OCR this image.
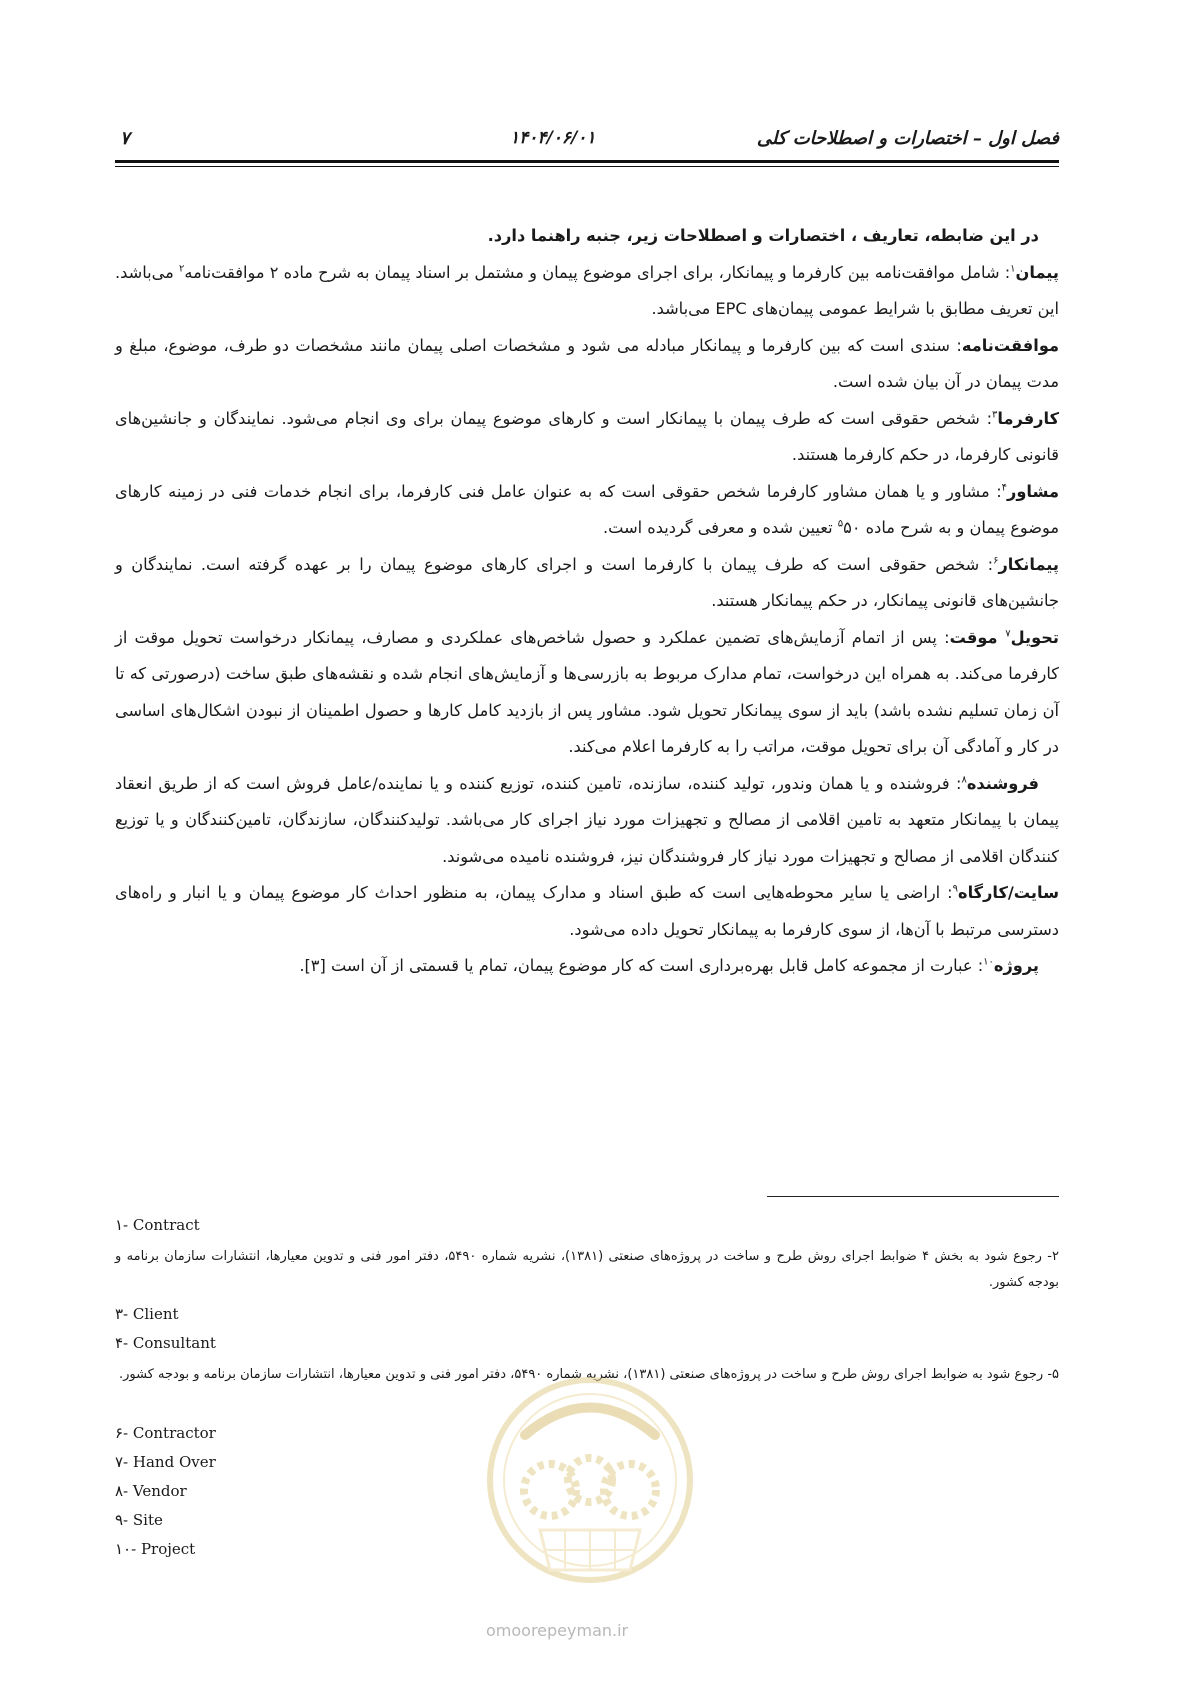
فصل اول – اختصارات و اصطلاحات کلی
۱۴۰۴/۰۶/۰۱
۷

در این ضابطه، تعاریف ، اختصارات و اصطلاحات زیر، جنبه راهنما دارد.

پیمان$^۱$: شامل موافقت‌نامه بین کارفرما و پیمانکار، برای اجرای موضوع پیمان و مشتمل بر اسناد پیمان به شرح ماده ۲ موافقت‌نامه$^۲$ می‌باشد. این تعریف مطابق با شرایط عمومی پیمان‌های EPC می‌باشد.

موافقت‌نامه: سندی است که بین کارفرما و پیمانکار مبادله می شود و مشخصات اصلی پیمان مانند مشخصات دو طرف، موضوع، مبلغ و مدت پیمان در آن بیان شده است.

کارفرما$^۳$: شخص حقوقی است که طرف پیمان با پیمانکار است و کارهای موضوع پیمان برای وی انجام می‌شود. نمایندگان و جانشین‌های قانونی کارفرما، در حکم کارفرما هستند.

مشاور$^۴$: مشاور و یا همان مشاور کارفرما شخص حقوقی است که به عنوان عامل فنی کارفرما، برای انجام خدمات فنی در زمینه کارهای موضوع پیمان و به شرح ماده $^۵$۵۰ تعیین شده و معرفی گردیده است.

پیمانکار$^۶$: شخص حقوقی است که طرف پیمان با کارفرما است و اجرای کارهای موضوع پیمان را بر عهده گرفته است. نمایندگان و جانشین‌های قانونی پیمانکار، در حکم پیمانکار هستند.

تحویل$^۷$ موقت: پس از اتمام آزمایش‌های تضمین عملکرد و حصول شاخص‌های عملکردی و مصارف، پیمانکار درخواست تحویل موقت از کارفرما می‌کند. به همراه این درخواست، تمام مدارک مربوط به بازرسی‌ها و آزمایش‌های انجام شده و نقشه‌های طبق ساخت (درصورتی که تا آن زمان تسلیم نشده باشد) باید از سوی پیمانکار تحویل شود. مشاور پس از بازدید کامل کارها و حصول اطمینان از نبودن اشکال‌های اساسی در کار و آمادگی آن برای تحویل موقت، مراتب را به کارفرما اعلام می‌کند.

فروشنده$^۸$: فروشنده و یا همان وندور، تولید کننده، سازنده، تامین کننده، توزیع کننده و یا نماینده/عامل فروش است که از طریق انعقاد پیمان با پیمانکار متعهد به تامین اقلامی از مصالح و تجهیزات مورد نیاز اجرای کار می‌باشد. تولیدکنندگان، سازندگان، تامین‌کنندگان و یا توزیع کنندگان اقلامی از مصالح و تجهیزات مورد نیاز کار فروشندگان نیز، فروشنده نامیده می‌شوند.

سایت/کارگاه$^۹$: اراضی یا سایر محوطه‌هایی است که طبق اسناد و مدارک پیمان، به منظور احداث کار موضوع پیمان و یا انبار و راه‌های دسترسی مرتبط با آن‌ها، از سوی کارفرما به پیمانکار تحویل داده می‌شود.

پروژه$^{۱۰}$: عبارت از مجموعه کامل قابل بهره‌برداری است که کار موضوع پیمان، تمام یا قسمتی از آن است [۳].

۱- Contract
۲- رجوع شود به بخش ۴ ضوابط اجرای روش طرح و ساخت در پروژه‌های صنعتی (۱۳۸۱)، نشریه شماره ۵۴۹۰، دفتر امور فنی و تدوین معیارها، انتشارات سازمان برنامه و بودجه کشور.
۳- Client
۴- Consultant
۵- رجوع شود به ضوابط اجرای روش طرح و ساخت در پروژه‌های صنعتی (۱۳۸۱)، نشریه شماره ۵۴۹۰، دفتر امور فنی و تدوین معیارها، انتشارات سازمان برنامه و بودجه کشور.
۶- Contractor
۷- Hand Over
۸- Vendor
۹- Site
۱۰- Project
omoorepeyman.ir
